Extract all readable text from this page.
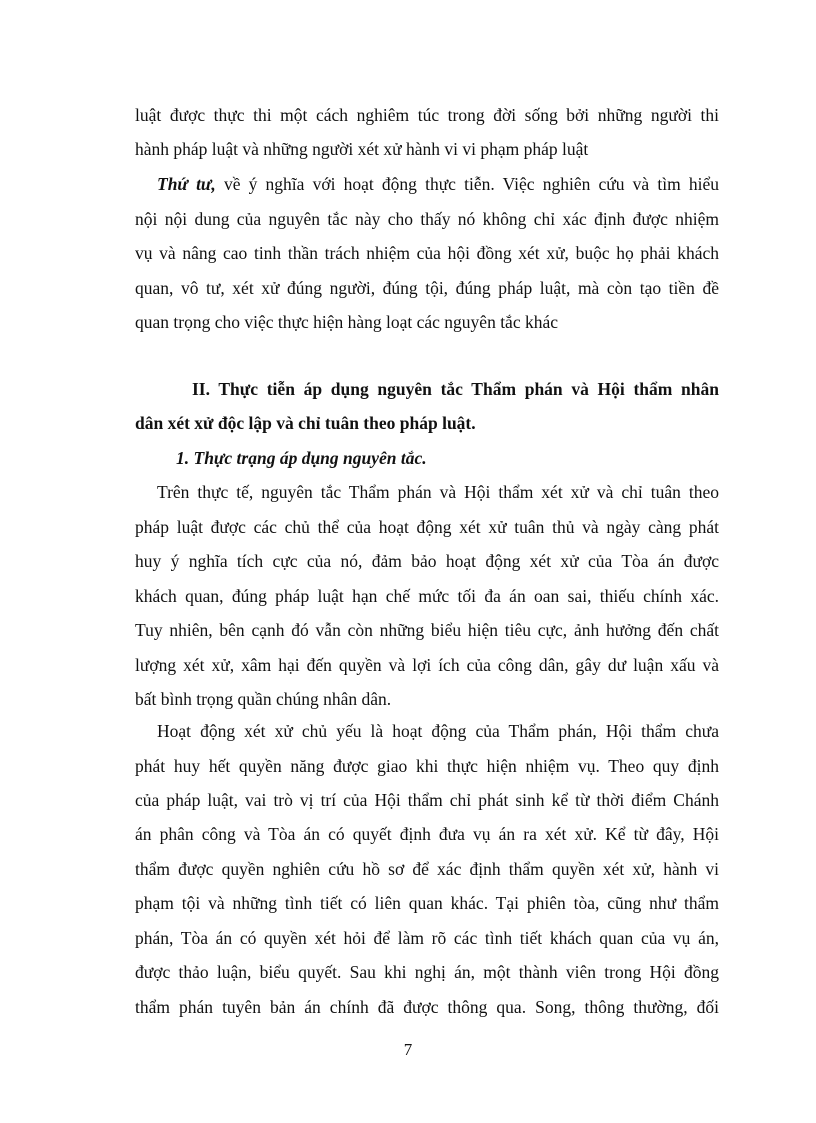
luật được thực thi một cách nghiêm túc trong đời sống bởi những người thi
hành pháp luật và những người xét xử hành vi vi phạm pháp luật
Thứ tư, về ý nghĩa với hoạt động thực tiễn. Việc nghiên cứu và tìm hiểu
nội nội dung của nguyên tắc này cho thấy nó không chỉ xác định được nhiệm
vụ và nâng cao tinh thần trách nhiệm của hội đồng xét xử, buộc họ phải khách
quan, vô tư, xét xử đúng người, đúng tội, đúng pháp luật, mà còn tạo tiền đề
quan trọng cho việc thực hiện hàng loạt các nguyên tắc khác
II. Thực tiễn áp dụng nguyên tắc Thẩm phán và Hội thẩm nhân
dân xét xử độc lập và chỉ tuân theo pháp luật.
1. Thực trạng áp dụng nguyên tắc.
Trên thực tế, nguyên tắc Thẩm phán và Hội thẩm xét xử và chỉ tuân theo
pháp luật được các chủ thể của hoạt động xét xử tuân thủ và ngày càng phát
huy ý nghĩa tích cực của nó, đảm bảo hoạt động xét xử của Tòa án được
khách quan, đúng pháp luật hạn chế mức tối đa án oan sai, thiếu chính xác.
Tuy nhiên, bên cạnh đó vẫn còn những biểu hiện tiêu cực, ảnh hưởng đến chất
lượng xét xử, xâm hại đến quyền và lợi ích của công dân, gây dư luận xấu và
bất bình trọng quần chúng nhân dân.
Hoạt động xét xử chủ yếu là hoạt động của Thẩm phán, Hội thẩm chưa
phát huy hết quyền năng được giao khi thực hiện nhiệm vụ. Theo quy định
của pháp luật, vai trò vị trí của Hội thẩm chỉ phát sinh kể từ thời điểm Chánh
án phân công và Tòa án có quyết định đưa vụ án ra xét xử. Kể từ đây, Hội
thẩm được quyền nghiên cứu hồ sơ để xác định thẩm quyền xét xử, hành vi
phạm tội và những tình tiết có liên quan khác. Tại phiên tòa, cũng như thẩm
phán, Tòa án có quyền xét hỏi để làm rõ các tình tiết khách quan của vụ án,
được thảo luận, biểu quyết. Sau khi nghị án, một thành viên trong Hội đồng
thẩm phán tuyên bản án chính đã được thông qua. Song, thông thường, đối
7
